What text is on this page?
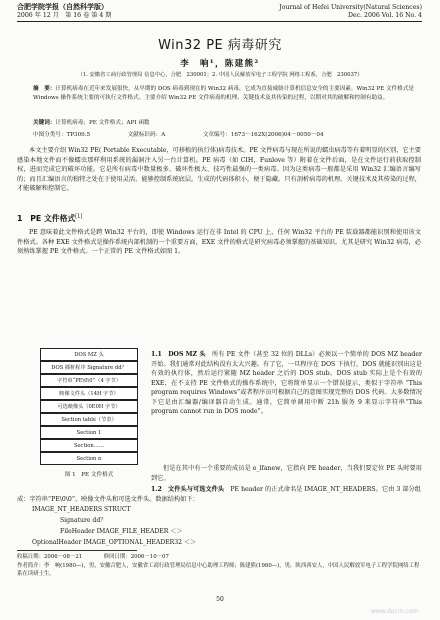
合肥学院学报（自然科学版）
2006 年 12 月　第 16 卷 第 4 期
Journal of Hefei University(Natural Sciences)
Dec. 2006 Vol. 16 No. 4
Win32 PE 病毒研究
李　响¹，陈建熊²
（1. 安徽省工商行政管理局 信息中心，合肥　230001；2. 中国人民解放军电子工程学院 网络工程系，合肥　230037）
摘　要：计算机病毒在近年来发展很快，从早期的 DOS 病毒到现在的 Win32 病毒，它成为直接威胁计算机信息安全的主要因素。Win32 PE 文件格式是 Windows 操作系统主要的可执行文件格式。主要介绍 Win32 PE 文件病毒的机理、关键技术及其传染的过程，以期对其的破解和控制有助益。
关键词：计算机病毒；PE 文件格式；API 函数
中图分类号：TP309.5	文献标识码：A	文章编号：1673－162X(2006)04－0050－04
本文主要介绍 Win32 PE( Portable Executable，可移植的执行体)病毒技术。PE 文件病毒与现在所说的蠕虫病毒等有着明显的区别，它主要感染本地文件而不像蠕虫那样利用系统的漏洞注入另一台计算机。PE 病毒（如 CIH，Funlove 等）附着在文件后面，是在文件运行前获取控制权，进而完成它的破坏功能。它是所有病毒中数量极多、破坏性极大、技巧性最强的一类病毒。因为这类病毒一般都是采用 Win32 汇编语言编写的；而且汇编语言的独特之处在于使用灵活，能够控制系统底层，生成的代码体积小，便于隐藏。只有剖析病毒的机理、关键技术及其传染的过程，才能破解和控制它。
1　PE 文件格式[1]
PE 意味着此文件格式是跨 Win32 平台的，即使 Windows 运行在非 Intel 的 CPU 上，任何 Win32 平台的 PE 装载器都能识别和使用该文件格式。各种 EXE 文件格式是操作系统内部机制的一个重要方面，EXE 文件的格式是研究病毒必须掌握的基础知识。尤其是研究 Win32 病毒，必须熟练掌握 PE 文件格式。一个正常的 PE 文件格式如图 1。
DOS MZ 头
DOS 插桩程序 Signature dd？
字符串“PE\0\0”（4 字节）
映像文件头（14H 字节）
可选映像头（0E0H 字节）
Section table（节表）
Section 1
Section……
Section n
图 1　PE 文件格式
1.1　DOS MZ 头　 所有 PE 文件（甚至 32 位的 DLLs）必须以一个简单的 DOS MZ header 开始。我们通常对此结构没有太大兴趣。有了它，一旦程序在 DOS 下执行，DOS 就能识别出这是有效的执行体，然后运行紧随 MZ header 之后的 DOS stub。DOS stub 实际上是个有效的 EXE，在不支持 PE 文件格式的操作系统中，它将简单显示一个错误提示，类似于字符串 “This program requires Windows”或者程序员可根据自己的意图实现完整的 DOS 代码。大多数情况下它是由汇编器/编译器自动生成。通常，它简单调用中断 21h 服务 9 来显示字符串“This program cannot run in DOS mode”。
但是在其中有一个重要的成员是 e_lfanew，它指向 PE header，当我们要定位 PE 头时要用到它。
1.2　文件头与可选文件头　 PE header 的正式命名是 IMAGE_NT_HEADERS。它由 3 部分组成：字符串“PE\0\0”、映像文件头和可选文件头。数据结构如下：
IMAGE_NT_HEADERS STRUCT
Signature dd？
FileHeader IMAGE_FILE_HEADER ＜＞
OptionalHeader IMAGE_OPTIONAL_HEADER32 ＜＞
收稿日期：2006－08－21　　　　修回日期：2006－10－07
作者简介：李　响(1980—)，男，安徽合肥人，安徽省工商行政管理局信息中心助理工程师；陈建熊(1980—)，男，陕西西安人，中国人民解放军电子工程学院网络工程系在读研士生。
50
www.docin.com
